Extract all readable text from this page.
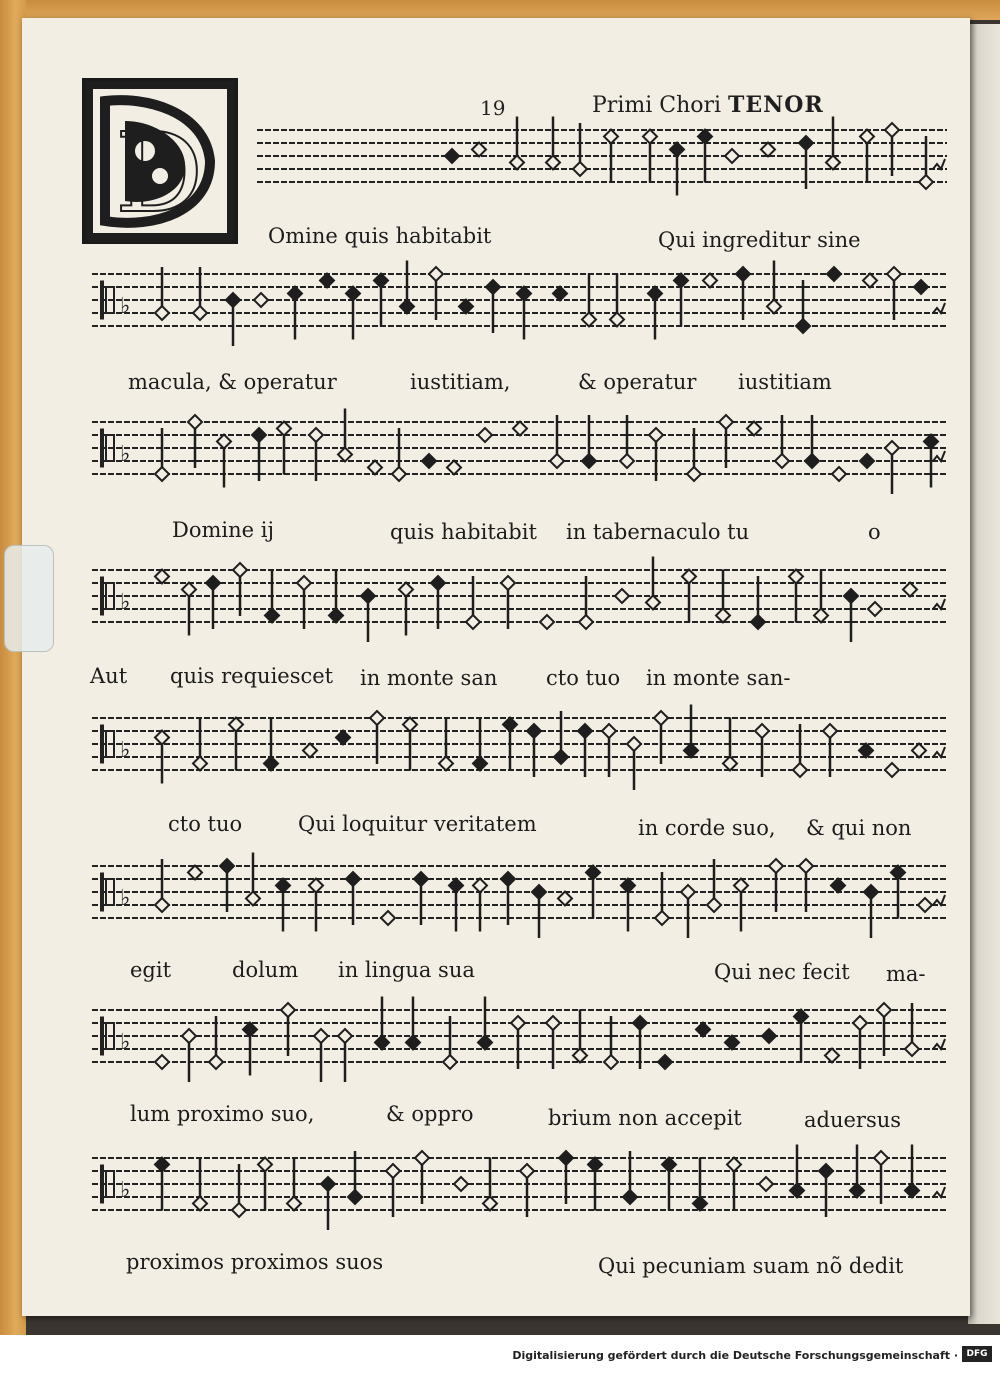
19	Primi Chori TENOR
D
♭
♭
♭
♭
♭
♭
♭
Omine quis habitabit	Qui ingreditur sine
macula, & operatur	iustitiam,	& operatur iustitiam
Domine ij	quis habitabit in tabernaculo tu	o
Aut quis requiescet in monte san cto tuo in monte san-
cto tuo	Qui loquitur veritatem	in corde suo, & qui non
egit	dolum in lingua sua	Qui nec fecit ma-
lum proximo suo,	& oppro	brium non accepit	aduersus
proximos proximos suos	Qui pecuniam suam nõ dedit
Digitalisierung gefördert durch die Deutsche Forschungsgemeinschaft · DFG
